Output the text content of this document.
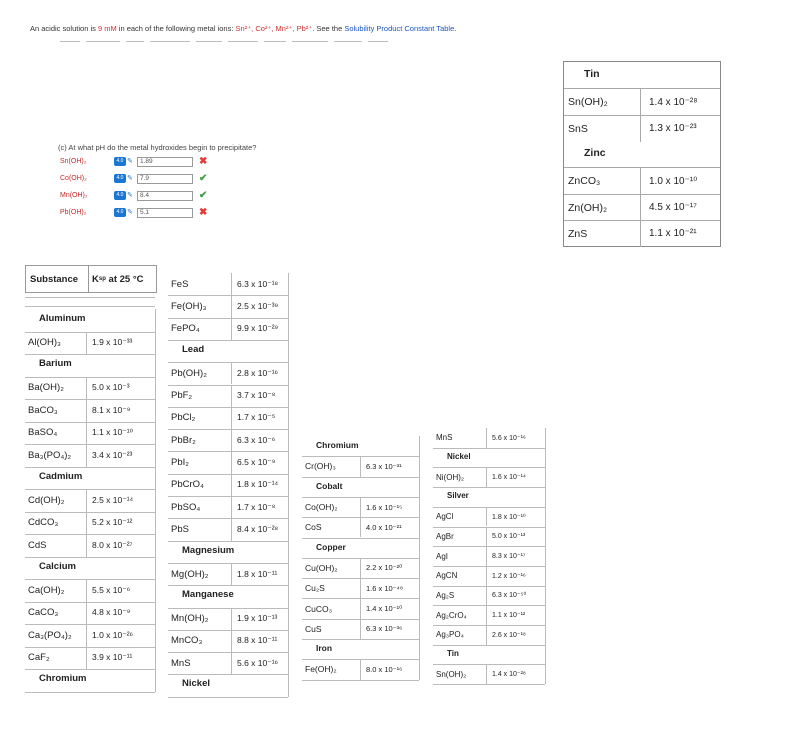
An acidic solution is 9 mM in each of the following metal ions: Sn²⁺, Co²⁺, Mn²⁺, Pb²⁺. See the Solubility Product Constant Table.
(c) At what pH do the metal hydroxides begin to precipitate?
Sn(OH)₂	4.0 ✎	1.89	✖
Co(OH)₂	4.0 ✎	7.9	✔
Mn(OH)₂	4.0 ✎	8.4	✔
Pb(OH)₂	4.0 ✎	5.1	✖
Substance	K sp at 25 °C
Aluminum
Al(OH)₃	1.9 x 10⁻³³
Barium
Ba(OH)₂	5.0 x 10⁻³
BaCO₃	8.1 x 10⁻⁹
BaSO₄	1.1 x 10⁻¹⁰
Ba₃(PO₄)₂	3.4 x 10⁻²³
Cadmium
Cd(OH)₂	2.5 x 10⁻¹⁴
CdCO₃	5.2 x 10⁻¹²
CdS	8.0 x 10⁻²⁷
Calcium
Ca(OH)₂	5.5 x 10⁻⁶
CaCO₃	4.8 x 10⁻⁹
Ca₃(PO₄)₂	1.0 x 10⁻²⁶
CaF₂	3.9 x 10⁻¹¹
Chromium
FeS	6.3 x 10⁻¹⁸
Fe(OH)₃	2.5 x 10⁻³⁹
FePO₄	9.9 x 10⁻²⁹
Lead
Pb(OH)₂	2.8 x 10⁻¹⁶
PbF₂	3.7 x 10⁻⁸
PbCl₂	1.7 x 10⁻⁵
PbBr₂	6.3 x 10⁻⁶
PbI₂	6.5 x 10⁻⁹
PbCrO₄	1.8 x 10⁻¹⁴
PbSO₄	1.7 x 10⁻⁸
PbS	8.4 x 10⁻²⁸
Magnesium
Mg(OH)₂	1.8 x 10⁻¹¹
Manganese
Mn(OH)₂	1.9 x 10⁻¹³
MnCO₃	8.8 x 10⁻¹¹
MnS	5.6 x 10⁻¹⁶
Nickel
Chromium
Cr(OH)₃	6.3 x 10⁻³¹
Cobalt
Co(OH)₂	1.6 x 10⁻¹⁵
CoS	4.0 x 10⁻²¹
Copper
Cu(OH)₂	2.2 x 10⁻²⁰
Cu₂S	1.6 x 10⁻⁴⁸
CuCO₃	1.4 x 10⁻¹⁰
CuS	6.3 x 10⁻³⁶
Iron
Fe(OH)₂	8.0 x 10⁻¹⁶
MnS	5.6 x 10⁻¹⁶
Nickel
Ni(OH)₂	1.6 x 10⁻¹⁴
Silver
AgCl	1.8 x 10⁻¹⁰
AgBr	5.0 x 10⁻¹³
AgI	8.3 x 10⁻¹⁷
AgCN	1.2 x 10⁻¹⁶
Ag₂S	6.3 x 10⁻⁵⁰
Ag₂CrO₄	1.1 x 10⁻¹²
Ag₃PO₄	2.6 x 10⁻¹⁸
Tin
Sn(OH)₂	1.4 x 10⁻²⁸
Tin
Sn(OH)₂	1.4 x 10⁻²⁸
SnS	1.3 x 10⁻²³
Zinc
ZnCO₃	1.0 x 10⁻¹⁰
Zn(OH)₂	4.5 x 10⁻¹⁷
ZnS	1.1 x 10⁻²¹
